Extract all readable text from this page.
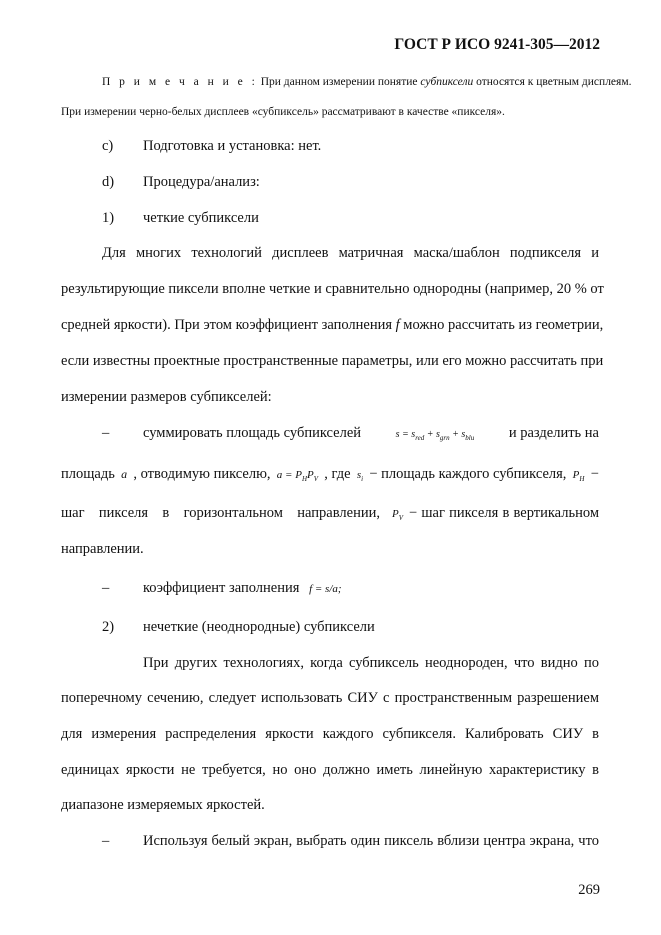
ГОСТ Р ИСО 9241-305—2012
П р и м е ч а н и е : При данном измерении понятие субпиксели относятся к цветным дисплеям.
При измерении черно-белых дисплеев «субпиксель» рассматривают в качестве «пикселя».
c) Подготовка и установка: нет.
d) Процедура/анализ:
1) четкие субпиксели
Для многих технологий дисплеев матричная маска/шаблон подпикселя и
результирующие пиксели вполне четкие и сравнительно однородны (например, 20 % от
средней яркости). При этом коэффициент заполнения f можно рассчитать из геометрии,
если известны проектные пространственные параметры, или его можно рассчитать при
измерении размеров субпикселей:
– суммировать площадь субпикселей	$s = s_{red} + s_{grn} + s_{blu}$ и разделить на
площадь a , отводимую пикселю, $a = P_HP_V$ , где $s_i$ − площадь каждого субпикселя, $P_H$ −
шаг пикселя в горизонтальном направлении, $P_V$ − шаг пикселя в вертикальном
направлении.
– коэффициент заполнения f = s/a;
2) нечеткие (неоднородные) субпиксели
При других технологиях, когда субпиксель неоднороден, что видно по
поперечному сечению, следует использовать СИУ с пространственным разрешением
для измерения распределения яркости каждого субпикселя. Калибровать СИУ в
единицах яркости не требуется, но оно должно иметь линейную характеристику в
диапазоне измеряемых яркостей.
– Используя белый экран, выбрать один пиксель вблизи центра экрана, что
269
